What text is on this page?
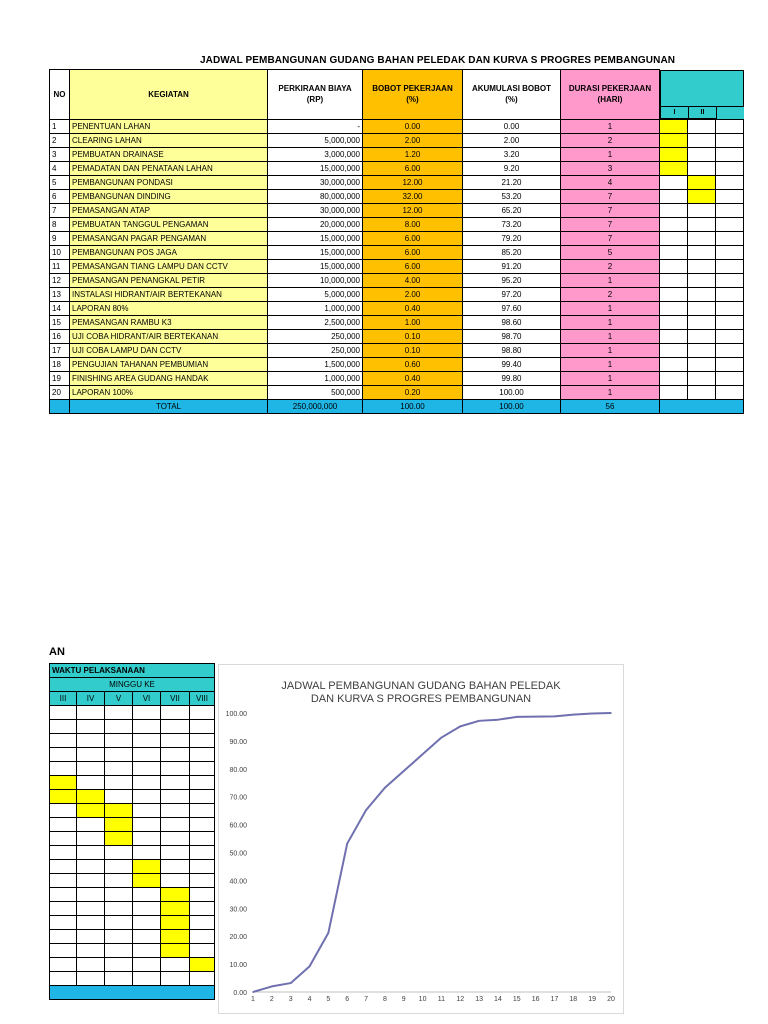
JADWAL PEMBANGUNAN GUDANG BAHAN PELEDAK DAN KURVA S PROGRES PEMBANGUNAN
NO	KEGIATAN	PERKIRAAN BIAYA (RP)	BOBOT PEKERJAAN (%)	AKUMULASI BOBOT (%)	DURASI PEKERJAAN (HARI)	I II		

1	PENENTUAN LAHAN	-	0.00	0.00	1			
2	CLEARING LAHAN	5,000,000	2.00	2.00	2			
3	PEMBUATAN DRAINASE	3,000,000	1.20	3.20	1			
4	PEMADATAN DAN PENATAAN LAHAN	15,000,000	6.00	9.20	3			
5	PEMBANGUNAN PONDASI	30,000,000	12.00	21.20	4			
6	PEMBANGUNAN DINDING	80,000,000	32.00	53.20	7			
7	PEMASANGAN ATAP	30,000,000	12.00	65.20	7			
8	PEMBUATAN TANGGUL PENGAMAN	20,000,000	8.00	73.20	7			
9	PEMASANGAN PAGAR PENGAMAN	15,000,000	6.00	79.20	7			
10	PEMBANGUNAN POS JAGA	15,000,000	6.00	85.20	5			
11	PEMASANGAN TIANG LAMPU DAN CCTV	15,000,000	6.00	91.20	2			
12	PEMASANGAN PENANGKAL PETIR	10,000,000	4.00	95.20	1			
13	INSTALASI HIDRANT/AIR BERTEKANAN	5,000,000	2.00	97.20	2			
14	LAPORAN 80%	1,000,000	0.40	97.60	1			
15	PEMASANGAN RAMBU K3	2,500,000	1.00	98.60	1			
16	UJI COBA HIDRANT/AIR BERTEKANAN	250,000	0.10	98.70	1			
17	UJI COBA LAMPU DAN CCTV	250,000	0.10	98.80	1			
18	PENGUJIAN TAHANAN PEMBUMIAN	1,500,000	0.60	99.40	1			
19	FINISHING AREA GUDANG HANDAK	1,000,000	0.40	99.80	1			
20	LAPORAN 100%	500,000	0.20	100.00	1			
	TOTAL	250,000,000	100.00	100.00	56			
AN
WAKTU PELAKSANAAN					
MINGGU KE					
III	IV	V	VI	VII	VIII

JADWAL PEMBANGUNAN GUDANG BAHAN PELEDAK
DAN KURVA S PROGRES PEMBANGUNAN
0.00
10.00
20.00
30.00
40.00
50.00
60.00
70.00
80.00
90.00
100.00
1 2 3 4 5 6 7 8 9 10 11 12 13 14 15 16 17 18 19 20
